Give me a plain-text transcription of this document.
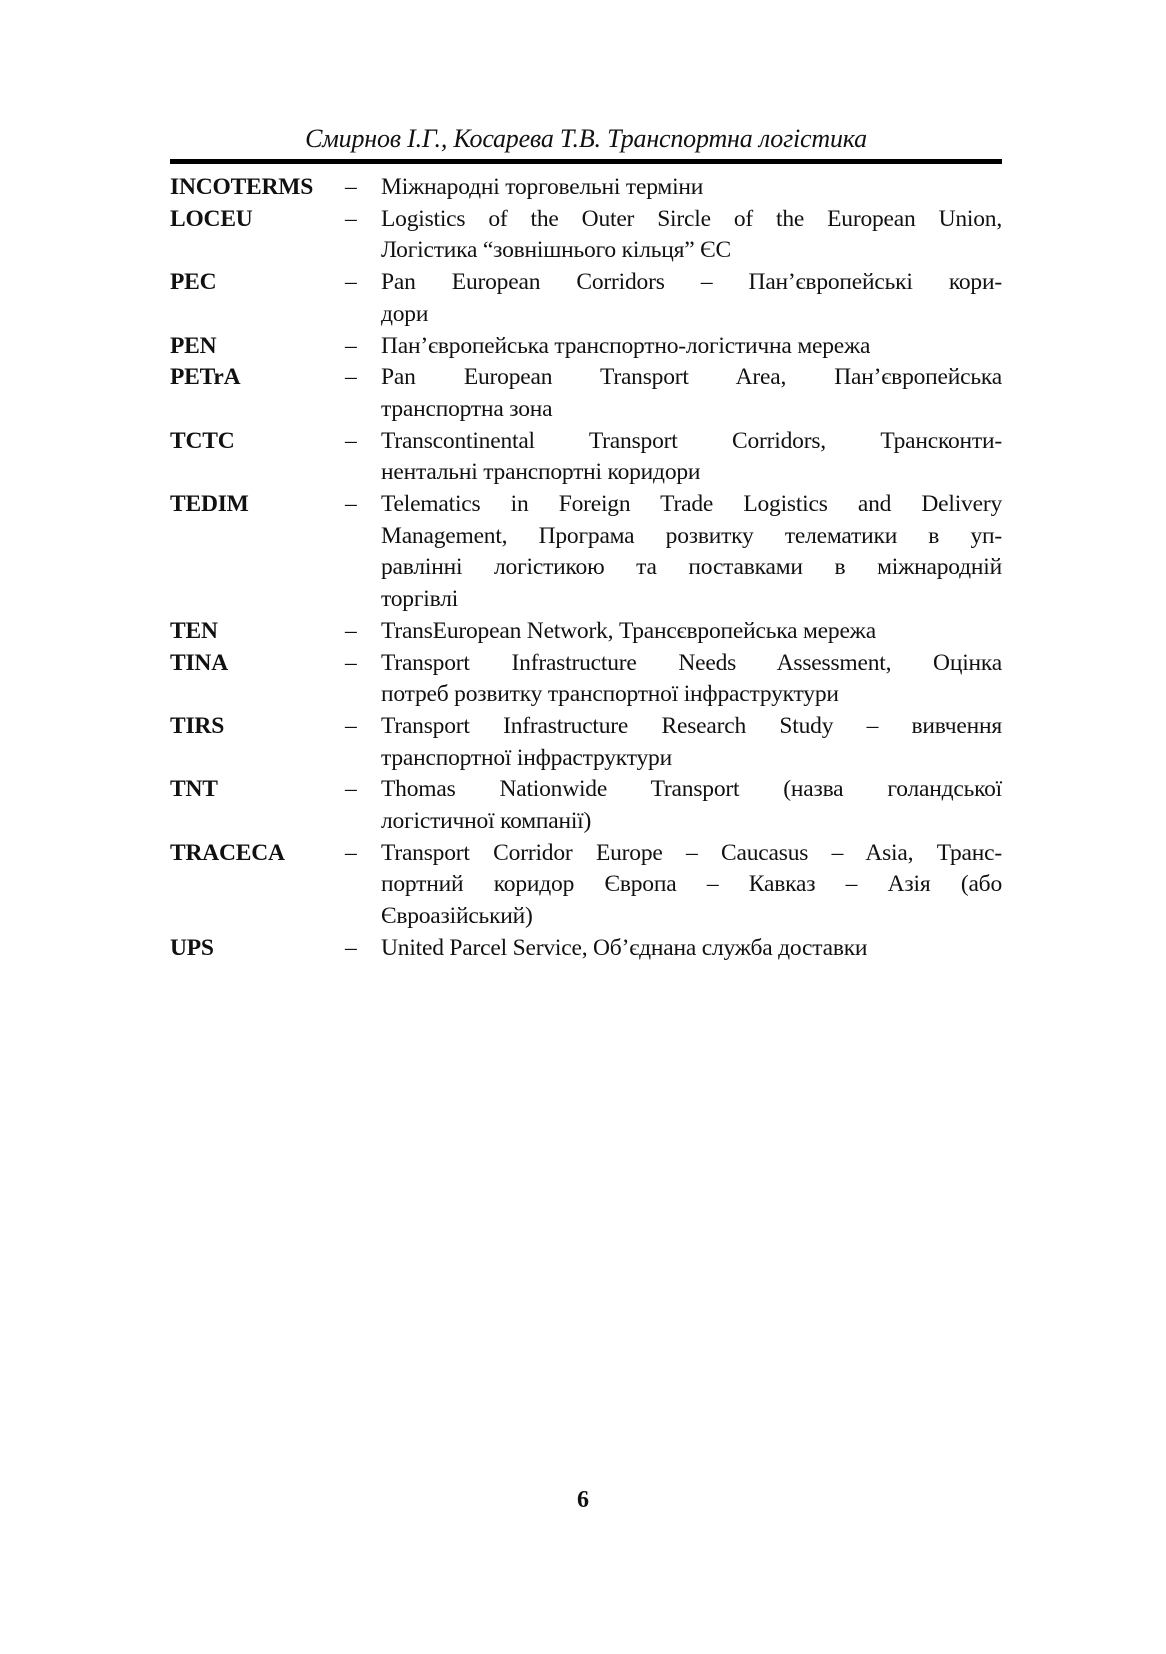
Смирнов І.Г., Косарева Т.В. Транспортна логістика
INCOTERMS	–	Міжнародні торговельні терміни
LOCEU	–	Logistics of the Outer Sircle of the European Union,
Логістика “зовнішнього кільця” ЄС
PEC	–	Pan European Corridors – Пан’європейські кори-
дори
PEN	–	Пан’європейська транспортно-логістична мережа
PETrA	–	Pan European Transport Area, Пан’європейська
транспортна зона
TCTC	–	Transcontinental Transport Corridors, Трансконти-
нентальні транспортні коридори
TEDIM	–	Telematics in Foreign Trade Logistics and Delivery
Management, Програма розвитку телематики в уп-
равлінні логістикою та поставками в міжнародній
торгівлі
TEN	–	TransEuropean Network, Трансєвропейська мережа
TINA	–	Transport Infrastructure Needs Assessment, Оцінка
потреб розвитку транспортної інфраструктури
TIRS	–	Transport Infrastructure Research Study – вивчення
транспортної інфраструктури
TNT	–	Thomas Nationwide Transport (назва голандської
логістичної компанії)
TRACECA	–	Transport Corridor Europe – Caucasus – Asia, Транс-
портний коридор Європа – Кавказ – Азія (або
Євроазійський)
UPS	–	United Parcel Service, Об’єднана служба доставки
6
